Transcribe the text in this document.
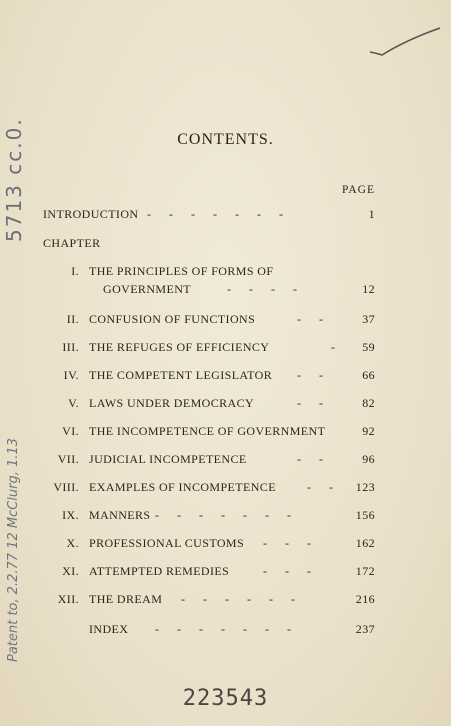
5713 cc.0.
Patent to, 2.2.77 12 McClurg, 1.13
CONTENTS.
PAGE
INTRODUCTION -      -      -      -      -      -      -	1
CHAPTER
I. THE PRINCIPLES OF FORMS OF
GOVERNMENT	-      -      -      -	12
II. CONFUSION OF FUNCTIONS	-      -	37
III. THE REFUGES OF EFFICIENCY	-	59
IV. THE COMPETENT LEGISLATOR -      -	66
V. LAWS UNDER DEMOCRACY	-      -	82
VI. THE INCOMPETENCE OF GOVERNMENT	92
VII. JUDICIAL INCOMPETENCE	-      -	96
VIII. EXAMPLES OF INCOMPETENCE	-      -	123
IX. MANNERS -      -      -      -      -      -      -	156
X. PROFESSIONAL CUSTOMS -      -      -	162
XI. ATTEMPTED REMEDIES	-      -      -	172
XII. THE DREAM -      -      -      -      -      -	216
INDEX -      -      -      -      -      -      -	237
223543
